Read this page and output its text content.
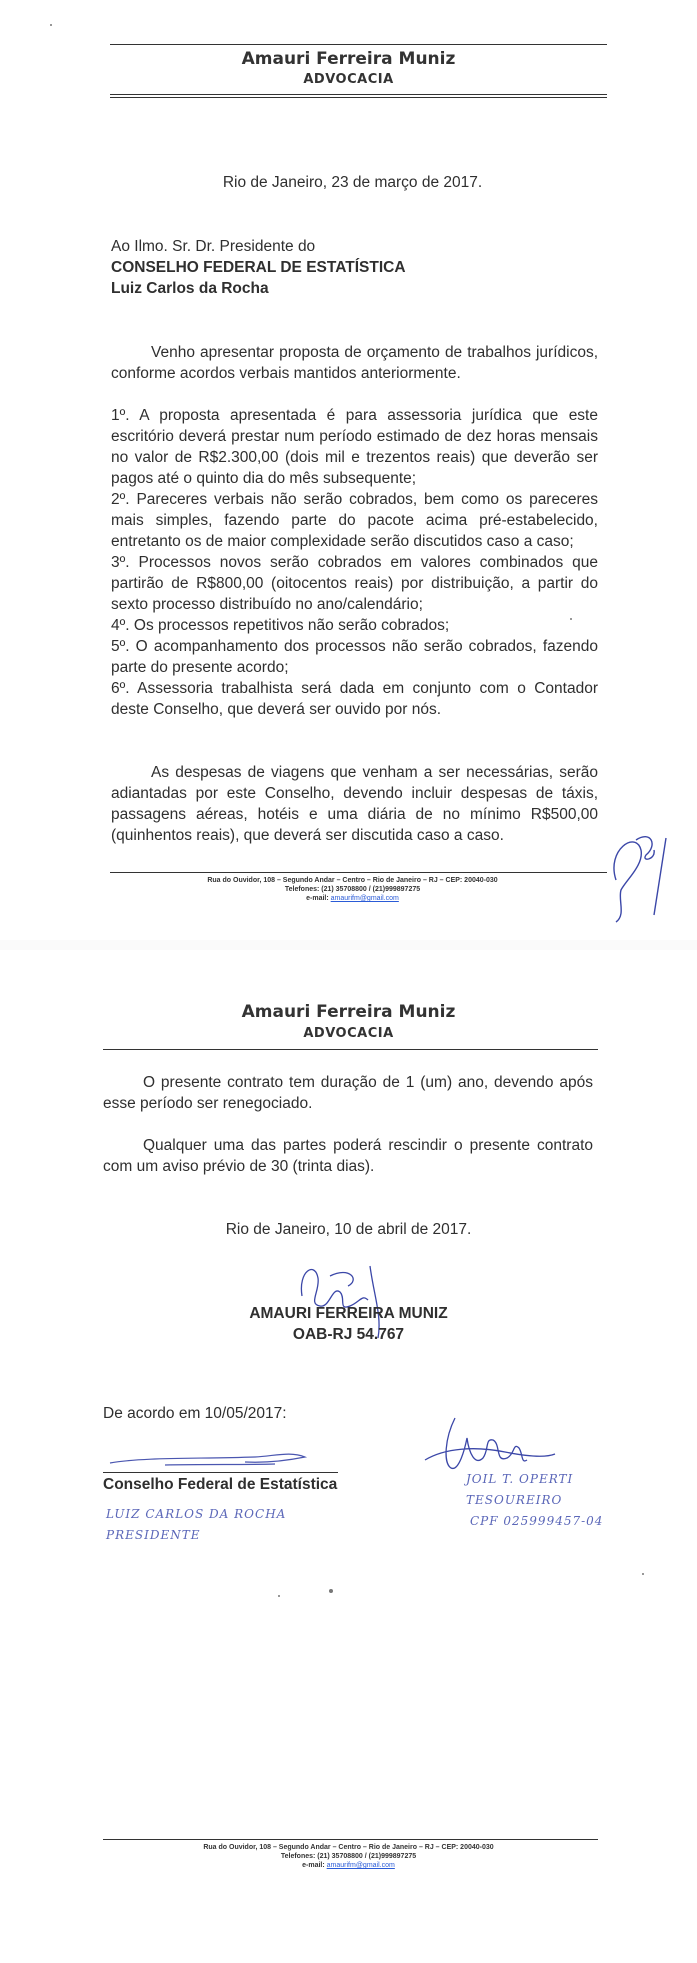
Amauri Ferreira Muniz
ADVOCACIA
Rio de Janeiro, 23 de março de 2017.
Ao Ilmo. Sr. Dr. Presidente do
CONSELHO FEDERAL DE ESTATÍSTICA
Luiz Carlos da Rocha
Venho apresentar proposta de orçamento de trabalhos jurídicos, conforme acordos verbais mantidos anteriormente.
1º. A proposta apresentada é para assessoria jurídica que este escritório deverá prestar num período estimado de dez horas mensais no valor de R$2.300,00 (dois mil e trezentos reais) que deverão ser pagos até o quinto dia do mês subsequente;
2º. Pareceres verbais não serão cobrados, bem como os pareceres mais simples, fazendo parte do pacote acima pré-estabelecido, entretanto os de maior complexidade serão discutidos caso a caso;
3º. Processos novos serão cobrados em valores combinados que partirão de R$800,00 (oitocentos reais) por distribuição, a partir do sexto processo distribuído no ano/calendário;
4º. Os processos repetitivos não serão cobrados;
5º. O acompanhamento dos processos não serão cobrados, fazendo parte do presente acordo;
6º. Assessoria trabalhista será dada em conjunto com o Contador deste Conselho, que deverá ser ouvido por nós.
As despesas de viagens que venham a ser necessárias, serão adiantadas por este Conselho, devendo incluir despesas de táxis, passagens aéreas, hotéis e uma diária de no mínimo R$500,00 (quinhentos reais), que deverá ser discutida caso a caso.
Rua do Ouvidor, 108 – Segundo Andar – Centro – Rio de Janeiro – RJ – CEP: 20040-030
Telefones: (21) 35708800 / (21)999897275
e-mail: amaurifm@gmail.com
Amauri Ferreira Muniz
ADVOCACIA
O presente contrato tem duração de 1 (um) ano, devendo após esse período ser renegociado.
Qualquer uma das partes poderá rescindir o presente contrato com um aviso prévio de 30 (trinta dias).
Rio de Janeiro, 10 de abril de 2017.
AMAURI FERREIRA MUNIZ
OAB-RJ 54.767
De acordo em 10/05/2017:
Conselho Federal de Estatística
LUIZ CARLOS DA ROCHA
PRESIDENTE
JOIL T. OPERTI
TESOUREIRO
CPF 025999457-04
Rua do Ouvidor, 108 – Segundo Andar – Centro – Rio de Janeiro – RJ – CEP: 20040-030
Telefones: (21) 35708800 / (21)999897275
e-mail: amaurifm@gmail.com
